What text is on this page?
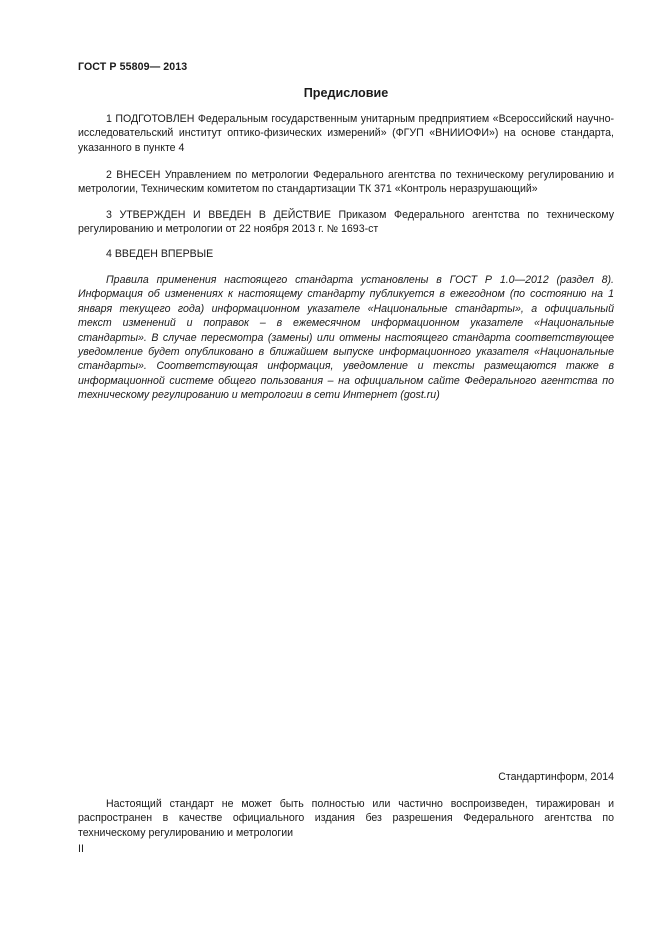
ГОСТ Р 55809— 2013
Предисловие

1 ПОДГОТОВЛЕН Федеральным государственным унитарным предприятием «Всероссийский научно-исследовательский институт оптико-физических измерений» (ФГУП «ВНИИОФИ») на основе стандарта, указанного в пункте 4

2 ВНЕСЕН Управлением по метрологии Федерального агентства по техническому регулированию и метрологии, Техническим комитетом по стандартизации ТК 371 «Контроль неразрушающий»

3 УТВЕРЖДЕН И ВВЕДЕН В ДЕЙСТВИЕ Приказом Федерального агентства по техническому регулированию и метрологии от 22 ноября 2013 г. № 1693-ст

4 ВВЕДЕН ВПЕРВЫЕ

Правила применения настоящего стандарта установлены в ГОСТ Р 1.0—2012 (раздел 8). Информация об изменениях к настоящему стандарту публикуется в ежегодном (по состоянию на 1 января текущего года) информационном указателе «Национальные стандарты», а официальный текст изменений и поправок – в ежемесячном информационном указателе «Национальные стандарты». В случае пересмотра (замены) или отмены настоящего стандарта соответствующее уведомление будет опубликовано в ближайшем выпуске информационного указателя «Национальные стандарты». Соответствующая информация, уведомление и тексты размещаются также в информационной системе общего пользования – на официальном сайте Федерального агентства по техническому регулированию и метрологии в сети Интернет (gost.ru)

Стандартинформ, 2014

Настоящий стандарт не может быть полностью или частично воспроизведен, тиражирован и распространен в качестве официального издания без разрешения Федерального агентства по техническому регулированию и метрологии

II
